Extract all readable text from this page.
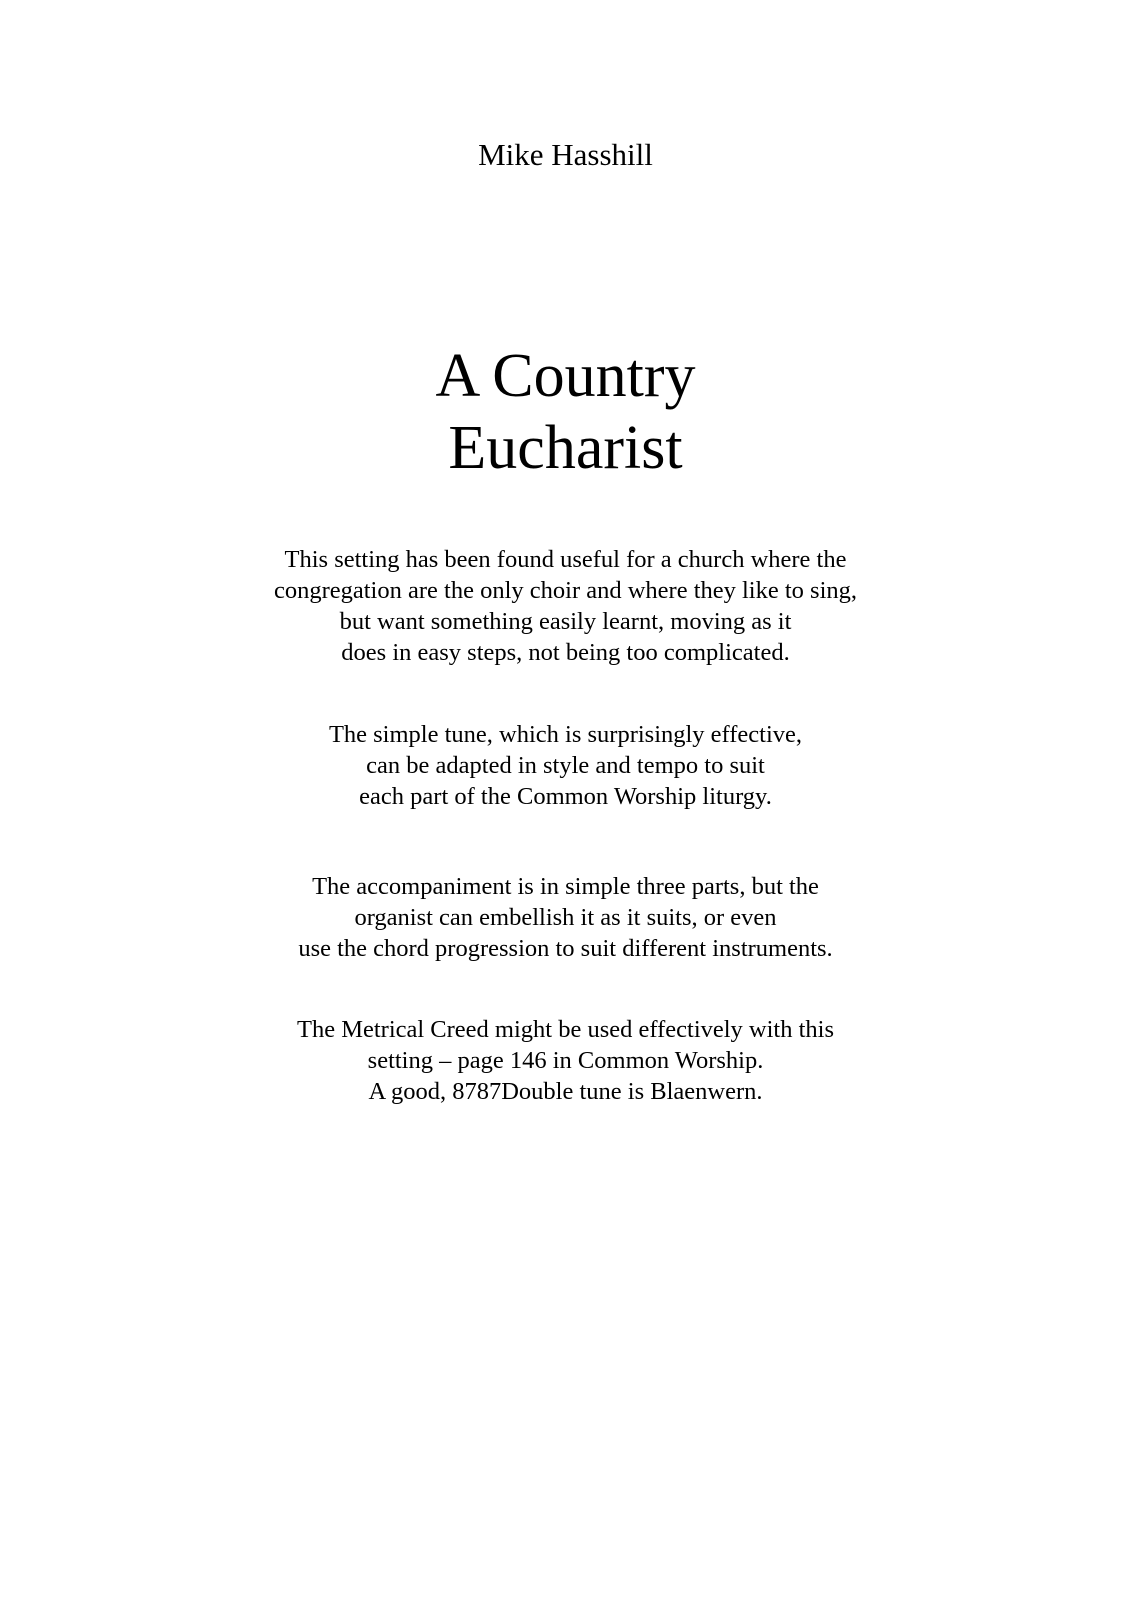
Mike Hasshill
A Country
Eucharist
This setting has been found useful for a church where the
congregation are the only choir and where they like to sing,
but want something easily learnt, moving as it
does in easy steps, not being too complicated.
The simple tune, which is surprisingly effective,
can be adapted in style and tempo to suit
each part of the Common Worship liturgy.
The accompaniment is in simple three parts, but the
organist can embellish it as it suits, or even
use the chord progression to suit different instruments.
The Metrical Creed might be used effectively with this
setting – page 146 in Common Worship.
A good, 8787Double tune is Blaenwern.
